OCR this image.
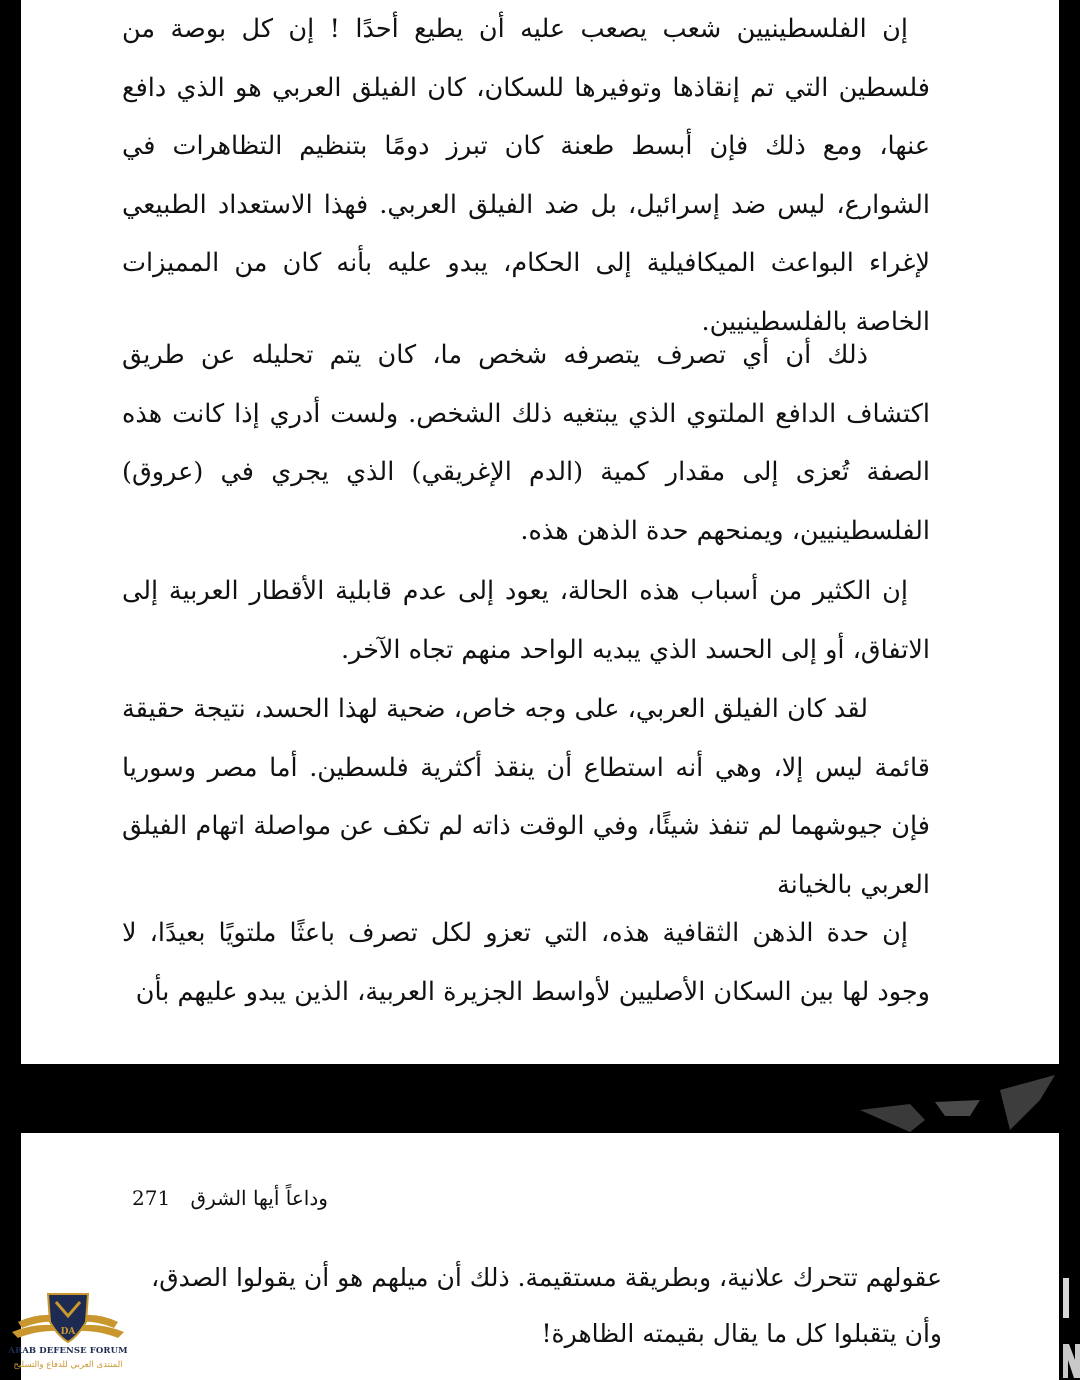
إن الفلسطينيين شعب يصعب عليه أن يطيع أحدًا ! إن كل بوصة من فلسطين التي تم إنقاذها وتوفيرها للسكان، كان الفيلق العربي هو الذي دافع عنها، ومع ذلك فإن أبسط طعنة كان تبرز دومًا بتنظيم التظاهرات في الشوارع، ليس ضد إسرائيل، بل ضد الفيلق العربي. فهذا الاستعداد الطبيعي لإغراء البواعث الميكافيلية إلى الحكام، يبدو عليه بأنه كان من المميزات الخاصة بالفلسطينيين.

ذلك أن أي تصرف يتصرفه شخص ما، كان يتم تحليله عن طريق اكتشاف الدافع الملتوي الذي يبتغيه ذلك الشخص. ولست أدري إذا كانت هذه الصفة تُعزى إلى مقدار كمية (الدم الإغريقي) الذي يجري في (عروق) الفلسطينيين، ويمنحهم حدة الذهن هذه.

إن الكثير من أسباب هذه الحالة، يعود إلى عدم قابلية الأقطار العربية إلى الاتفاق، أو إلى الحسد الذي يبديه الواحد منهم تجاه الآخر.

لقد كان الفيلق العربي، على وجه خاص، ضحية لهذا الحسد، نتيجة حقيقة قائمة ليس إلا، وهي أنه استطاع أن ينقذ أكثرية فلسطين. أما مصر وسوريا فإن جيوشهما لم تنفذ شيئًا، وفي الوقت ذاته لم تكف عن مواصلة اتهام الفيلق العربي بالخيانة

إن حدة الذهن الثقافية هذه، التي تعزو لكل تصرف باعثًا ملتويًا بعيدًا، لا وجود لها بين السكان الأصليين لأواسط الجزيرة العربية، الذين يبدو عليهم بأن

وداعاً أيها الشرق 271

عقولهم تتحرك علانية، وبطريقة مستقيمة. ذلك أن ميلهم هو أن يقولوا الصدق،

وأن يتقبلوا كل ما يقال بقيمته الظاهرة!

DA
ARAB DEFENSE FORUM
المنتدى العربي للدفاع والتسليح
